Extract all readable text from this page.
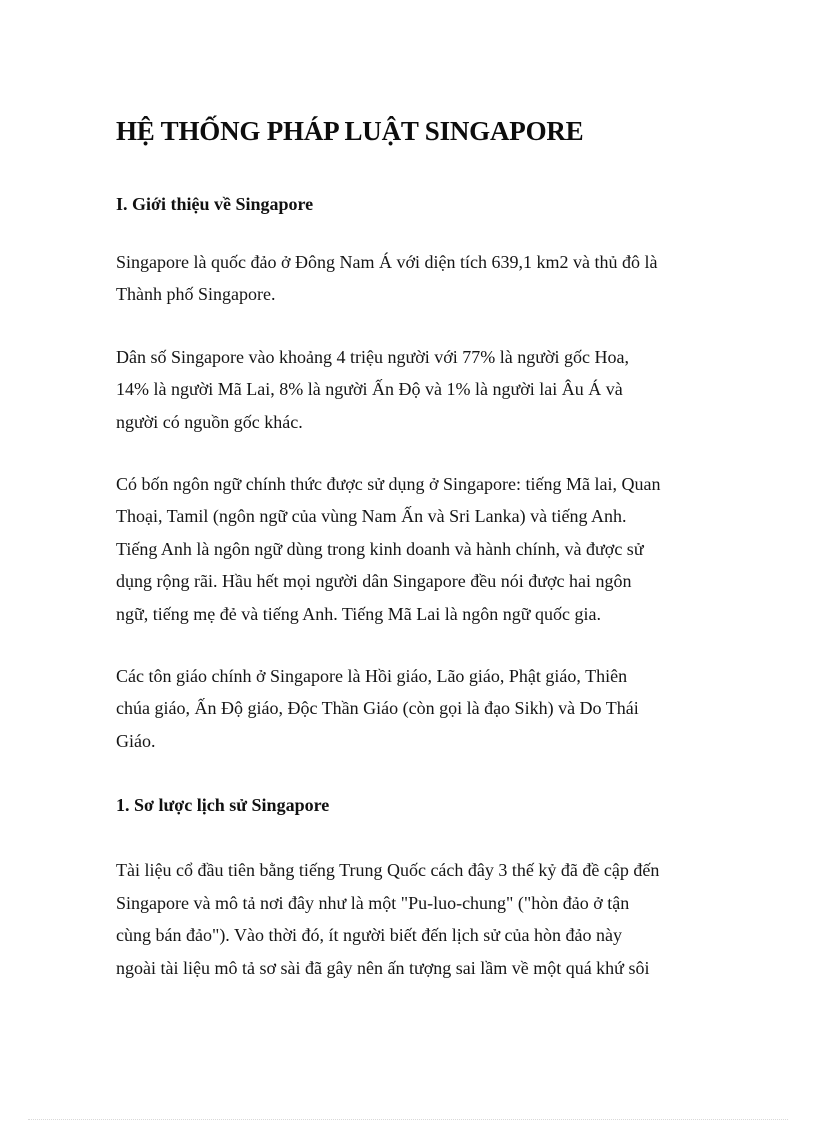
HỆ THỐNG PHÁP LUẬT SINGAPORE
I. Giới thiệu về Singapore

Singapore là quốc đảo ở Đông Nam Á với diện tích 639,1 km2 và thủ đô là
Thành phố Singapore.

Dân số Singapore vào khoảng 4 triệu người với 77% là người gốc Hoa,
14% là người Mã Lai, 8% là người Ấn Độ và 1% là người lai Âu Á và
người có nguồn gốc khác.

Có bốn ngôn ngữ chính thức được sử dụng ở Singapore: tiếng Mã lai, Quan
Thoại, Tamil (ngôn ngữ của vùng Nam Ấn và Sri Lanka) và tiếng Anh.
Tiếng Anh là ngôn ngữ dùng trong kinh doanh và hành chính, và được sử
dụng rộng rãi. Hầu hết mọi người dân Singapore đều nói được hai ngôn
ngữ, tiếng mẹ đẻ và tiếng Anh. Tiếng Mã Lai là ngôn ngữ quốc gia.

Các tôn giáo chính ở Singapore là Hồi giáo, Lão giáo, Phật giáo, Thiên
chúa giáo, Ấn Độ giáo, Độc Thần Giáo (còn gọi là đạo Sikh) và Do Thái
Giáo.

1. Sơ lược lịch sử Singapore

Tài liệu cổ đầu tiên bằng tiếng Trung Quốc cách đây 3 thế kỷ đã đề cập đến
Singapore và mô tả nơi đây như là một "Pu-luo-chung" ("hòn đảo ở tận
cùng bán đảo"). Vào thời đó, ít người biết đến lịch sử của hòn đảo này
ngoài tài liệu mô tả sơ sài đã gây nên ấn tượng sai lầm về một quá khứ sôi
